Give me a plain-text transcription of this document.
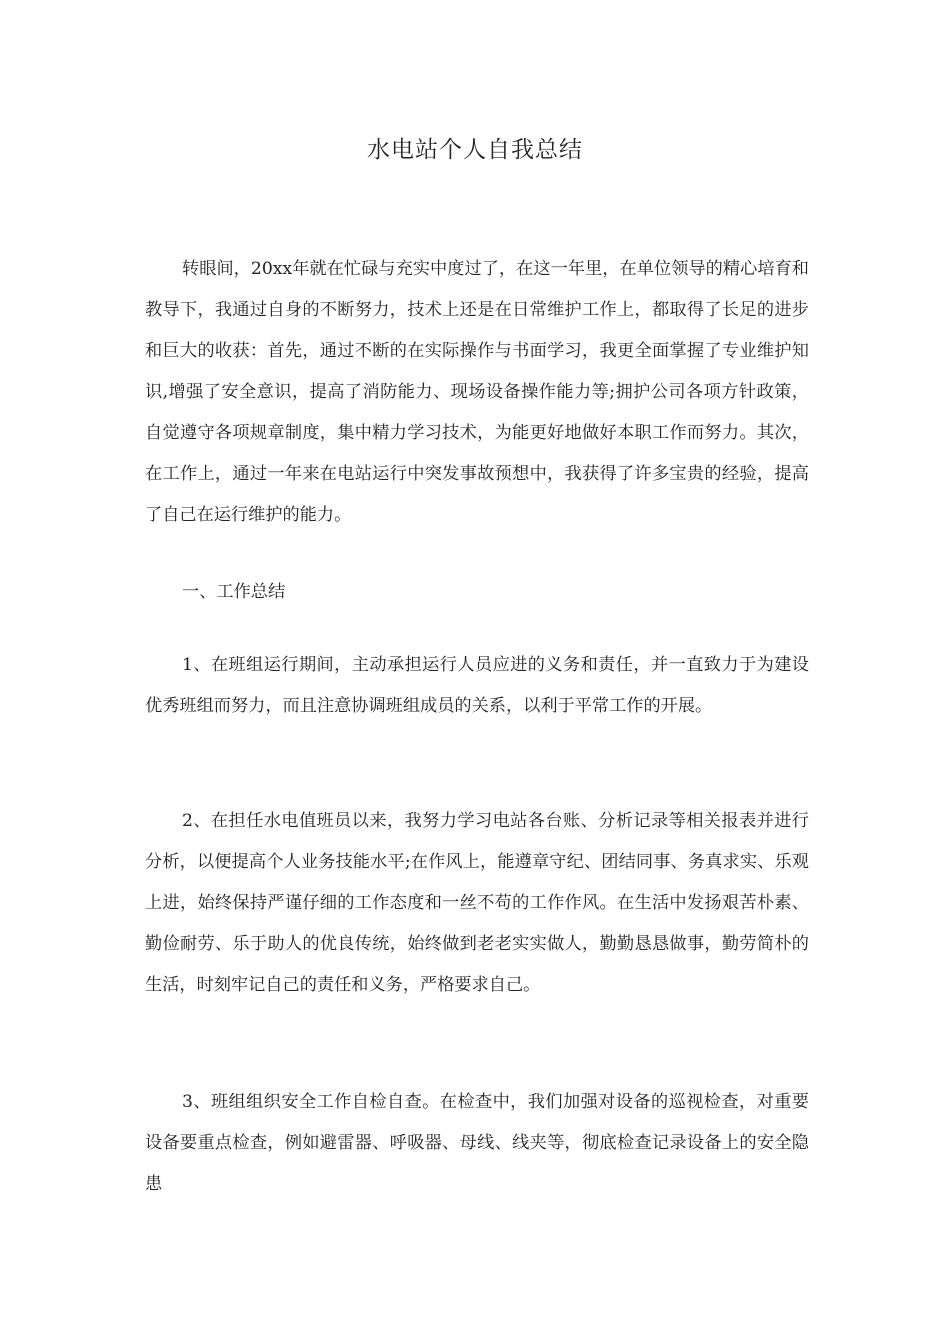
水电站个人自我总结

转眼间，20xx年就在忙碌与充实中度过了，在这一年里，在单位领导的精心培育和教导下，我通过自身的不断努力，技术上还是在日常维护工作上，都取得了长足的进步和巨大的收获：首先，通过不断的在实际操作与书面学习，我更全面掌握了专业维护知识,增强了安全意识，提高了消防能力、现场设备操作能力等;拥护公司各项方针政策，自觉遵守各项规章制度，集中精力学习技术，为能更好地做好本职工作而努力。其次，在工作上，通过一年来在电站运行中突发事故预想中，我获得了许多宝贵的经验，提高了自己在运行维护的能力。

一、工作总结

1、在班组运行期间，主动承担运行人员应进的义务和责任，并一直致力于为建设优秀班组而努力，而且注意协调班组成员的关系，以利于平常工作的开展。

2、在担任水电值班员以来，我努力学习电站各台账、分析记录等相关报表并进行分析，以便提高个人业务技能水平;在作风上，能遵章守纪、团结同事、务真求实、乐观上进，始终保持严谨仔细的工作态度和一丝不苟的工作作风。在生活中发扬艰苦朴素、勤俭耐劳、乐于助人的优良传统，始终做到老老实实做人，勤勤恳恳做事，勤劳简朴的生活，时刻牢记自己的责任和义务，严格要求自己。

3、班组组织安全工作自检自查。在检查中，我们加强对设备的巡视检查，对重要设备要重点检查，例如避雷器、呼吸器、母线、线夹等，彻底检查记录设备上的安全隐患
